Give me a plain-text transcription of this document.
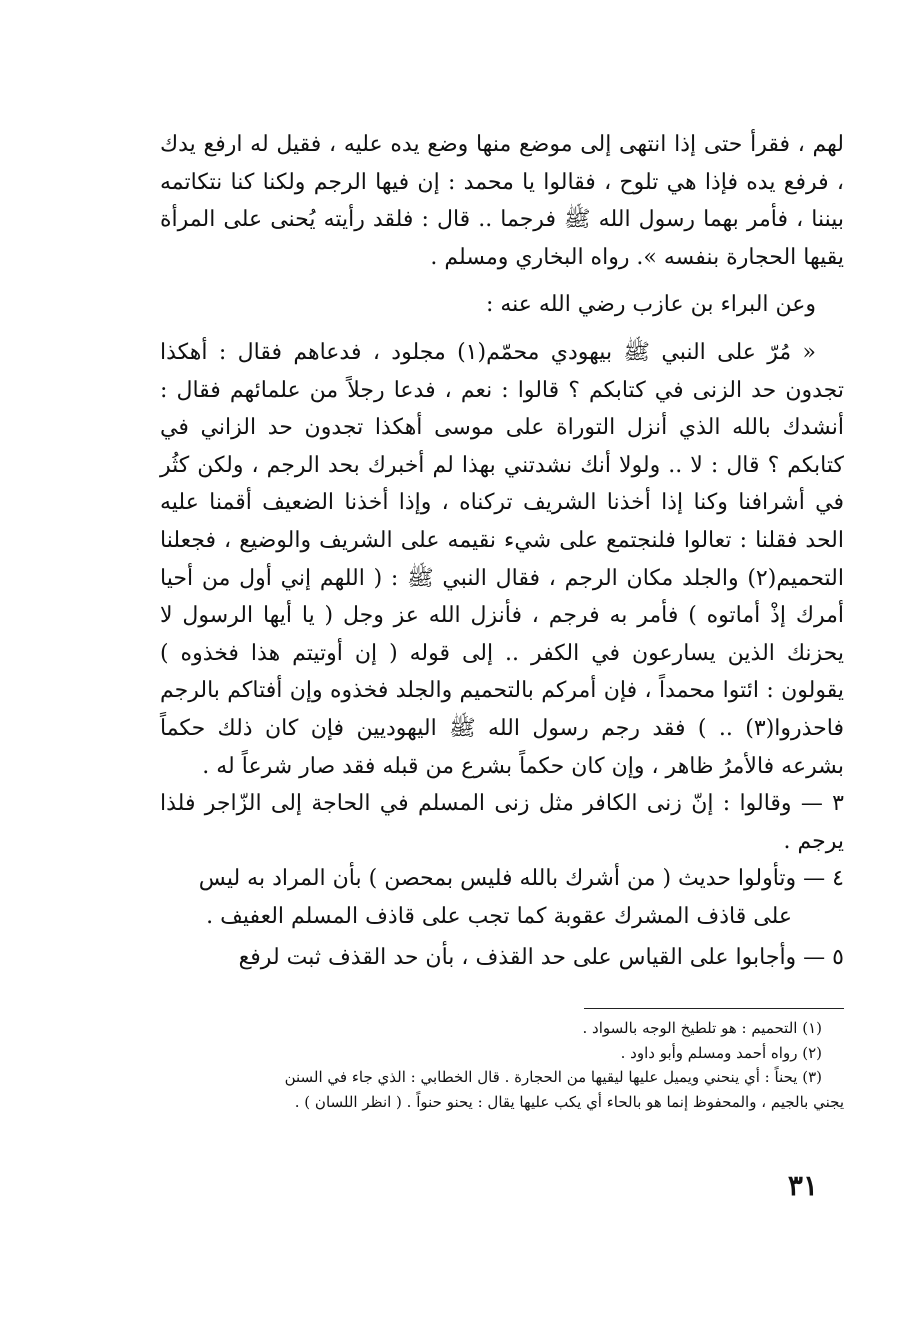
لهم ، فقرأ حتى إذا انتهى إلى موضع منها وضع يده عليه ، فقيل له ارفع يدك ، فرفع يده فإذا هي تلوح ، فقالوا يا محمد : إن فيها الرجم ولكنا كنا نتكاتمه بيننا ، فأمر بهما رسول الله ﷺ فرجما .. قال : فلقد رأيته يُحنى على المرأة يقيها الحجارة بنفسه ». رواه البخاري ومسلم .

وعن البراء بن عازب رضي الله عنه :

« مُرّ على النبي ﷺ بيهودي محمّم(١) مجلود ، فدعاهم فقال : أهكذا تجدون حد الزنى في كتابكم ؟ قالوا : نعم ، فدعا رجلاً من علمائهم فقال : أنشدك بالله الذي أنزل التوراة على موسى أهكذا تجدون حد الزاني في كتابكم ؟ قال : لا .. ولولا أنك نشدتني بهذا لم أخبرك بحد الرجم ، ولكن كثُر في أشرافنا وكنا إذا أخذنا الشريف تركناه ، وإذا أخذنا الضعيف أقمنا عليه الحد فقلنا : تعالوا فلنجتمع على شيء نقيمه على الشريف والوضيع ، فجعلنا التحميم(٢) والجلد مكان الرجم ، فقال النبي ﷺ : ( اللهم إني أول من أحيا أمرك إذْ أماتوه ) فأمر به فرجم ، فأنزل الله عز وجل ( يا أيها الرسول لا يحزنك الذين يسارعون في الكفر .. إلى قوله ( إن أوتيتم هذا فخذوه ) يقولون : ائتوا محمداً ، فإن أمركم بالتحميم والجلد فخذوه وإن أفتاكم بالرجم فاحذروا(٣) .. ) فقد رجم رسول الله ﷺ اليهوديين فإن كان ذلك حكماً بشرعه فالأمرُ ظاهر ، وإن كان حكماً بشرع من قبله فقد صار شرعاً له .

٣ — وقالوا : إنّ زنى الكافر مثل زنى المسلم في الحاجة إلى الزّاجر فلذا يرجم .

٤ — وتأولوا حديث ( من أشرك بالله فليس بمحصن ) بأن المراد به ليس

على قاذف المشرك عقوبة كما تجب على قاذف المسلم العفيف .

٥ — وأجابوا على القياس على حد القذف ، بأن حد القذف ثبت لرفع

(١) التحميم : هو تلطيخ الوجه بالسواد .

(٢) رواه أحمد ومسلم وأبو داود .

(٣) يحناً : أي ينحني ويميل عليها ليقيها من الحجارة . قال الخطابي : الذي جاء في السنن

يجني بالجيم ، والمحفوظ إنما هو بالحاء أي يكب عليها يقال : يحنو حنواً . ( انظر اللسان ) .

٣١
